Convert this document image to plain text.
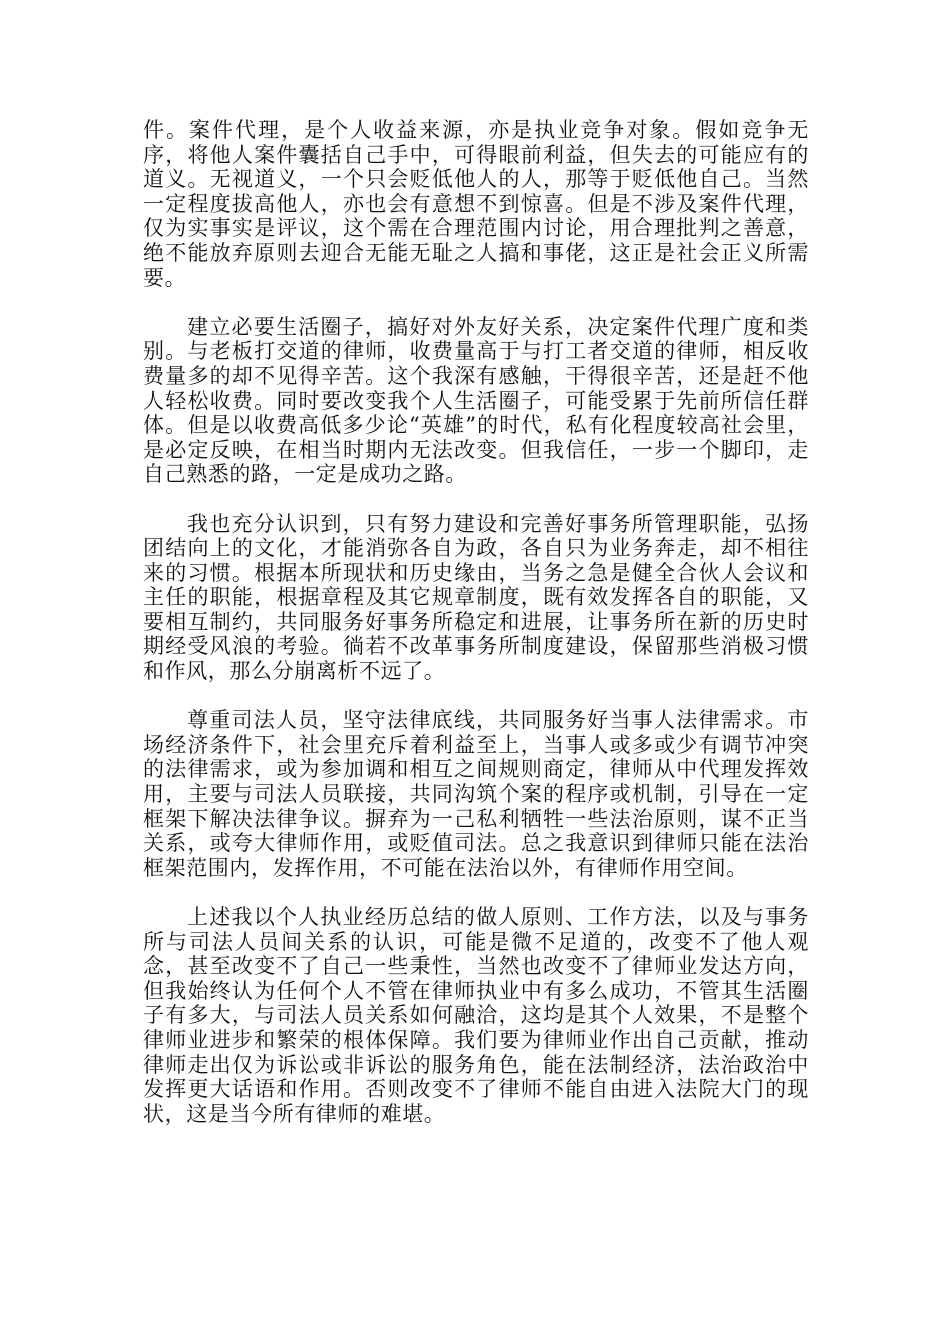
件。案件代理，是个人收益来源，亦是执业竞争对象。假如竞争无序，将他人案件囊括自己手中，可得眼前利益，但失去的可能应有的道义。无视道义，一个只会贬低他人的人，那等于贬低他自己。当然一定程度拔高他人，亦也会有意想不到惊喜。但是不涉及案件代理，仅为实事实是评议，这个需在合理范围内讨论，用合理批判之善意，绝不能放弃原则去迎合无能无耻之人搞和事佬，这正是社会正义所需要。

建立必要生活圈子，搞好对外友好关系，决定案件代理广度和类别。与老板打交道的律师，收费量高于与打工者交道的律师，相反收费量多的却不见得辛苦。这个我深有感触，干得很辛苦，还是赶不他人轻松收费。同时要改变我个人生活圈子，可能受累于先前所信任群体。但是以收费高低多少论“英雄”的时代，私有化程度较高社会里，是必定反映，在相当时期内无法改变。但我信任，一步一个脚印，走自己熟悉的路，一定是成功之路。

我也充分认识到，只有努力建设和完善好事务所管理职能，弘扬团结向上的文化，才能消弥各自为政，各自只为业务奔走，却不相往来的习惯。根据本所现状和历史缘由，当务之急是健全合伙人会议和主任的职能，根据章程及其它规章制度，既有效发挥各自的职能，又要相互制约，共同服务好事务所稳定和进展，让事务所在新的历史时期经受风浪的考验。徜若不改革事务所制度建设，保留那些消极习惯和作风，那么分崩离析不远了。

尊重司法人员，坚守法律底线，共同服务好当事人法律需求。市场经济条件下，社会里充斥着利益至上，当事人或多或少有调节冲突的法律需求，或为参加调和相互之间规则商定，律师从中代理发挥效用，主要与司法人员联接，共同沟筑个案的程序或机制，引导在一定框架下解决法律争议。摒弃为一己私利牺牲一些法治原则，谋不正当关系，或夸大律师作用，或贬值司法。总之我意识到律师只能在法治框架范围内，发挥作用，不可能在法治以外，有律师作用空间。

上述我以个人执业经历总结的做人原则、工作方法，以及与事务所与司法人员间关系的认识，可能是微不足道的，改变不了他人观念，甚至改变不了自己一些秉性，当然也改变不了律师业发达方向，但我始终认为任何个人不管在律师执业中有多么成功，不管其生活圈子有多大，与司法人员关系如何融洽，这均是其个人效果，不是整个律师业进步和繁荣的根体保障。我们要为律师业作出自己贡献，推动律师走出仅为诉讼或非诉讼的服务角色，能在法制经济，法治政治中发挥更大话语和作用。否则改变不了律师不能自由进入法院大门的现状，这是当今所有律师的难堪。
